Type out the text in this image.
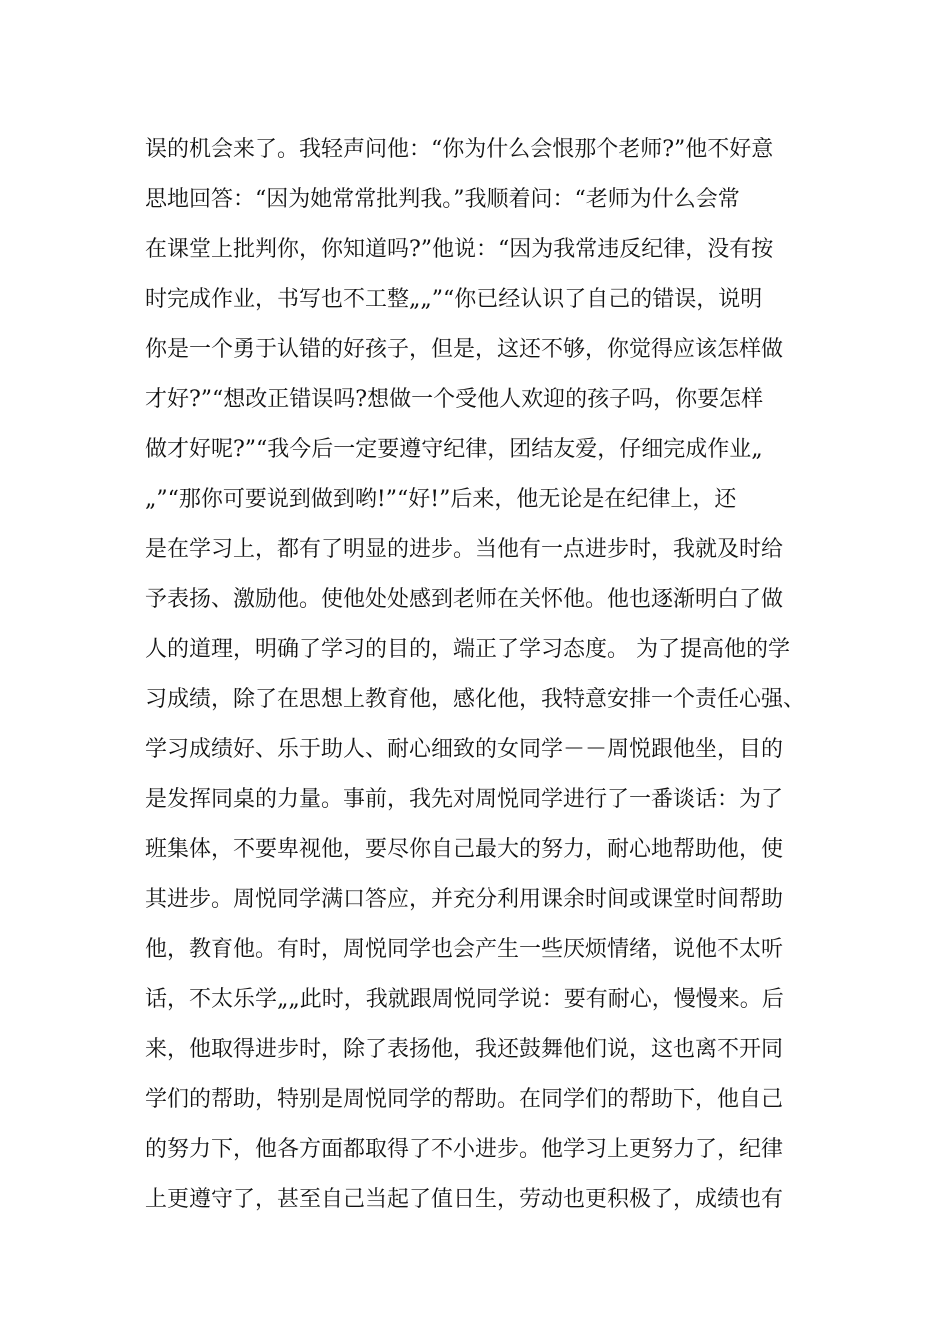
误的机会来了。我轻声问他：“你为什么会恨那个老师?”他不好意
思地回答：“因为她常常批判我。”我顺着问：“老师为什么会常
在课堂上批判你，你知道吗?”他说：“因为我常违反纪律，没有按
时完成作业，书写也不工整„„”“你已经认识了自己的错误，说明
你是一个勇于认错的好孩子，但是，这还不够，你觉得应该怎样做
才好?”“想改正错误吗?想做一个受他人欢迎的孩子吗，你要怎样
做才好呢?”“我今后一定要遵守纪律，团结友爱，仔细完成作业„
„”“那你可要说到做到哟!”“好!”后来，他无论是在纪律上，还
是在学习上，都有了明显的进步。当他有一点进步时，我就及时给
予表扬、激励他。使他处处感到老师在关怀他。他也逐渐明白了做
人的道理，明确了学习的目的，端正了学习态度。 为了提高他的学
习成绩，除了在思想上教育他，感化他，我特意安排一个责任心强、
学习成绩好、乐于助人、耐心细致的女同学－－周悦跟他坐，目的
是发挥同桌的力量。事前，我先对周悦同学进行了一番谈话：为了
班集体，不要卑视他，要尽你自己最大的努力，耐心地帮助他，使
其进步。周悦同学满口答应，并充分利用课余时间或课堂时间帮助
他，教育他。有时，周悦同学也会产生一些厌烦情绪，说他不太听
话，不太乐学„„此时，我就跟周悦同学说：要有耐心，慢慢来。后
来，他取得进步时，除了表扬他，我还鼓舞他们说，这也离不开同
学们的帮助，特别是周悦同学的帮助。在同学们的帮助下，他自己
的努力下，他各方面都取得了不小进步。他学习上更努力了，纪律
上更遵守了，甚至自己当起了值日生，劳动也更积极了，成绩也有
